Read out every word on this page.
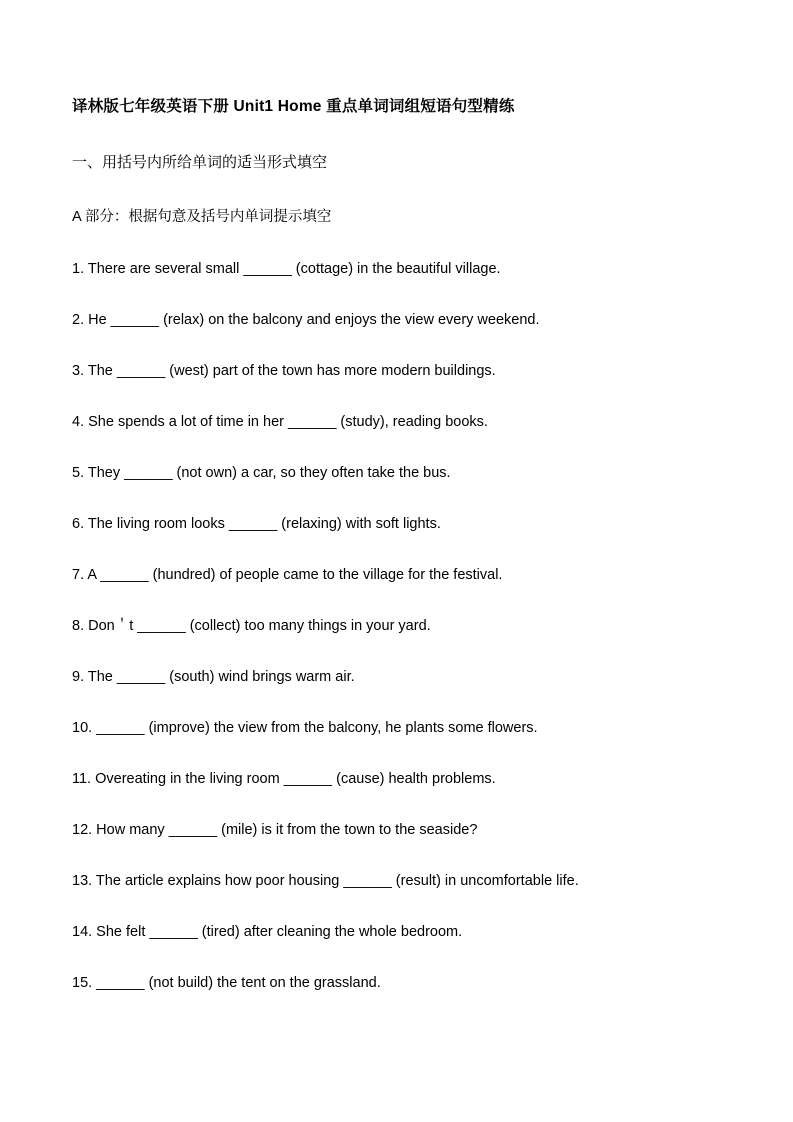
译林版七年级英语下册 Unit1 Home 重点单词词组短语句型精练

一、用括号内所给单词的适当形式填空

A 部分：根据句意及括号内单词提示填空

1. There are several small ______ (cottage) in the beautiful village.
2. He ______ (relax) on the balcony and enjoys the view every weekend.
3. The ______ (west) part of the town has more modern buildings.
4. She spends a lot of time in her ______ (study), reading books.
5. They ______ (not own) a car, so they often take the bus.
6. The living room looks ______ (relaxing) with soft lights.
7. A ______ (hundred) of people came to the village for the festival.
8. Don＇t ______ (collect) too many things in your yard.
9. The ______ (south) wind brings warm air.
10. ______ (improve) the view from the balcony, he plants some flowers.
11. Overeating in the living room ______ (cause) health problems.
12. How many ______ (mile) is it from the town to the seaside?
13. The article explains how poor housing ______ (result) in uncomfortable life.
14. She felt ______ (tired) after cleaning the whole bedroom.
15. ______ (not build) the tent on the grassland.
